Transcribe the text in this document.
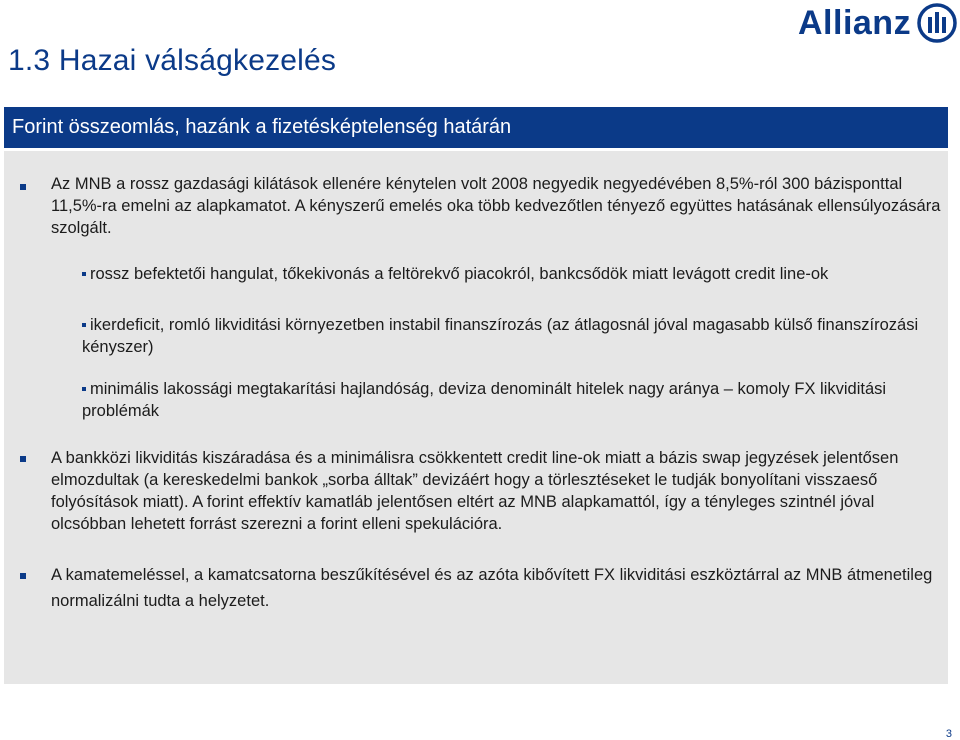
1.3 Hazai válságkezelés
Allianz
Forint összeomlás, hazánk a fizetésképtelenség határán
Az MNB a rossz gazdasági kilátások ellenére kénytelen volt 2008 negyedik negyedévében 8,5%-ról 300 bázisponttal 11,5%-ra emelni az alapkamatot. A kényszerű emelés oka több kedvezőtlen tényező együttes hatásának ellensúlyozására szolgált.
rossz befektetői hangulat, tőkekivonás a feltörekvő piacokról, bankcsődök miatt levágott credit line-ok
ikerdeficit, romló likviditási környezetben instabil finanszírozás (az átlagosnál jóval magasabb külső finanszírozási kényszer)
minimális lakossági megtakarítási hajlandóság, deviza denominált hitelek nagy aránya – komoly FX likviditási problémák
A bankközi likviditás kiszáradása és a minimálisra csökkentett credit line-ok miatt a bázis swap jegyzések jelentősen elmozdultak (a kereskedelmi bankok „sorba álltak” devizáért hogy a törlesztéseket le tudják bonyolítani visszaeső folyósítások miatt). A forint effektív kamatláb jelentősen eltért az MNB alapkamattól, így a tényleges szintnél jóval olcsóbban lehetett forrást szerezni a forint elleni spekulációra.
A kamatemeléssel, a kamatcsatorna beszűkítésével és az azóta kibővített FX likviditási eszköztárral az MNB átmenetileg normalizálni tudta a helyzetet.
3
